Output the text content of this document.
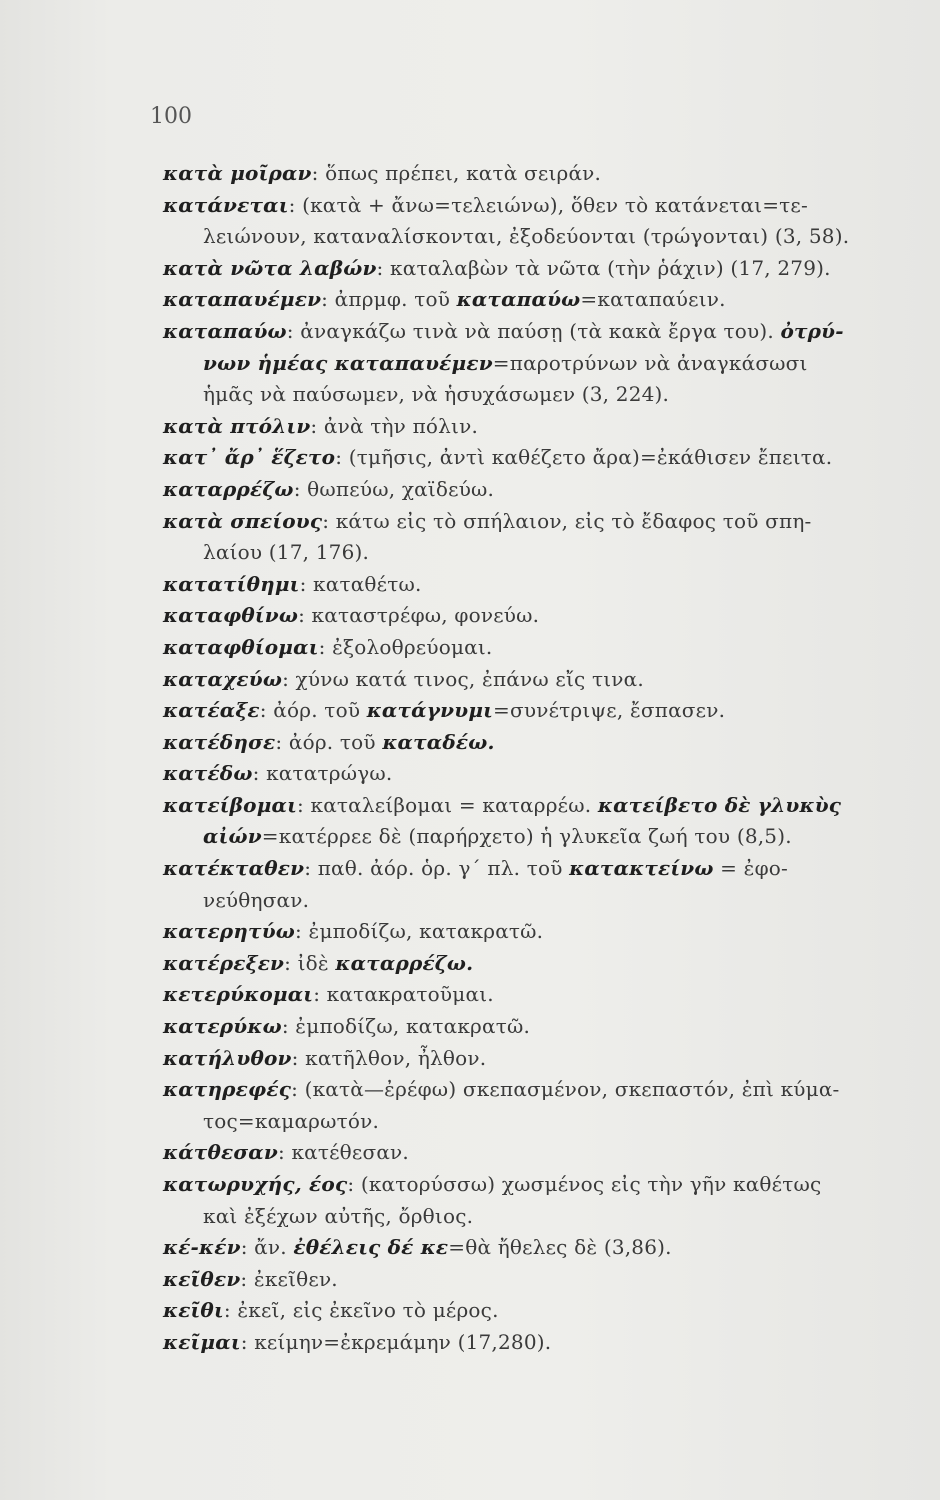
100
κατὰ μοῖραν: ὅπως πρέπει, κατὰ σειράν.
κατάνεται: (κατὰ + ἄνω=τελειώνω), ὅθεν τὸ κατάνεται=τε-
λειώνουν, καταναλίσκονται, ἐξοδεύονται (τρώγονται) (3, 58).
κατὰ νῶτα λαβών: καταλαβὼν τὰ νῶτα (τὴν ῥάχιν) (17, 279).
καταπαυέμεν: ἀπρμφ. τοῦ καταπαύω=καταπαύειν.
καταπαύω: ἀναγκάζω τινὰ νὰ παύσῃ (τὰ κακὰ ἔργα του). ὀτρύ-
νων ἡμέας καταπαυέμεν=παροτρύνων νὰ ἀναγκάσωσι
ἡμᾶς νὰ παύσωμεν, νὰ ἡσυχάσωμεν (3, 224).
κατὰ πτόλιν: ἀνὰ τὴν πόλιν.
κατ᾽ ἄρ᾽ ἕζετο: (τμῆσις, ἀντὶ καθέζετο ἄρα)=ἐκάθισεν ἔπειτα.
καταρρέζω: θωπεύω, χαϊδεύω.
κατὰ σπείους: κάτω εἰς τὸ σπήλαιον, εἰς τὸ ἔδαφος τοῦ σπη-
λαίου (17, 176).
κατατίθημι: καταθέτω.
καταφθίνω: καταστρέφω, φονεύω.
καταφθίομαι: ἐξολοθρεύομαι.
καταχεύω: χύνω κατά τινος, ἐπάνω εἴς τινα.
κατέαξε: ἀόρ. τοῦ κατάγνυμι=συνέτριψε, ἔσπασεν.
κατέδησε: ἀόρ. τοῦ καταδέω.
κατέδω: κατατρώγω.
κατείβομαι: καταλείβομαι = καταρρέω. κατείβετο δὲ γλυκὺς
αἰών=κατέρρεε δὲ (παρήρχετο) ἡ γλυκεῖα ζωή του (8,5).
κατέκταθεν: παθ. ἀόρ. ὁρ. γ΄ πλ. τοῦ κατακτείνω = ἐφο-
νεύθησαν.
κατερητύω: ἐμποδίζω, κατακρατῶ.
κατέρεξεν: ἰδὲ καταρρέζω.
κετερύκομαι: κατακρατοῦμαι.
κατερύκω: ἐμποδίζω, κατακρατῶ.
κατήλυθον: κατῆλθον, ἦλθον.
κατηρεφές: (κατὰ—ἐρέφω) σκεπασμένον, σκεπαστόν, ἐπὶ κύμα-
τος=καμαρωτόν.
κάτθεσαν: κατέθεσαν.
κατωρυχής, έος: (κατορύσσω) χωσμένος εἰς τὴν γῆν καθέτως
καὶ ἐξέχων αὐτῆς, ὄρθιος.
κέ-κέν: ἄν. ἐθέλεις δέ κε=θὰ ἤθελες δὲ (3,86).
κεῖθεν: ἐκεῖθεν.
κεῖθι: ἐκεῖ, εἰς ἐκεῖνο τὸ μέρος.
κεῖμαι: κείμην=ἐκρεμάμην (17,280).
